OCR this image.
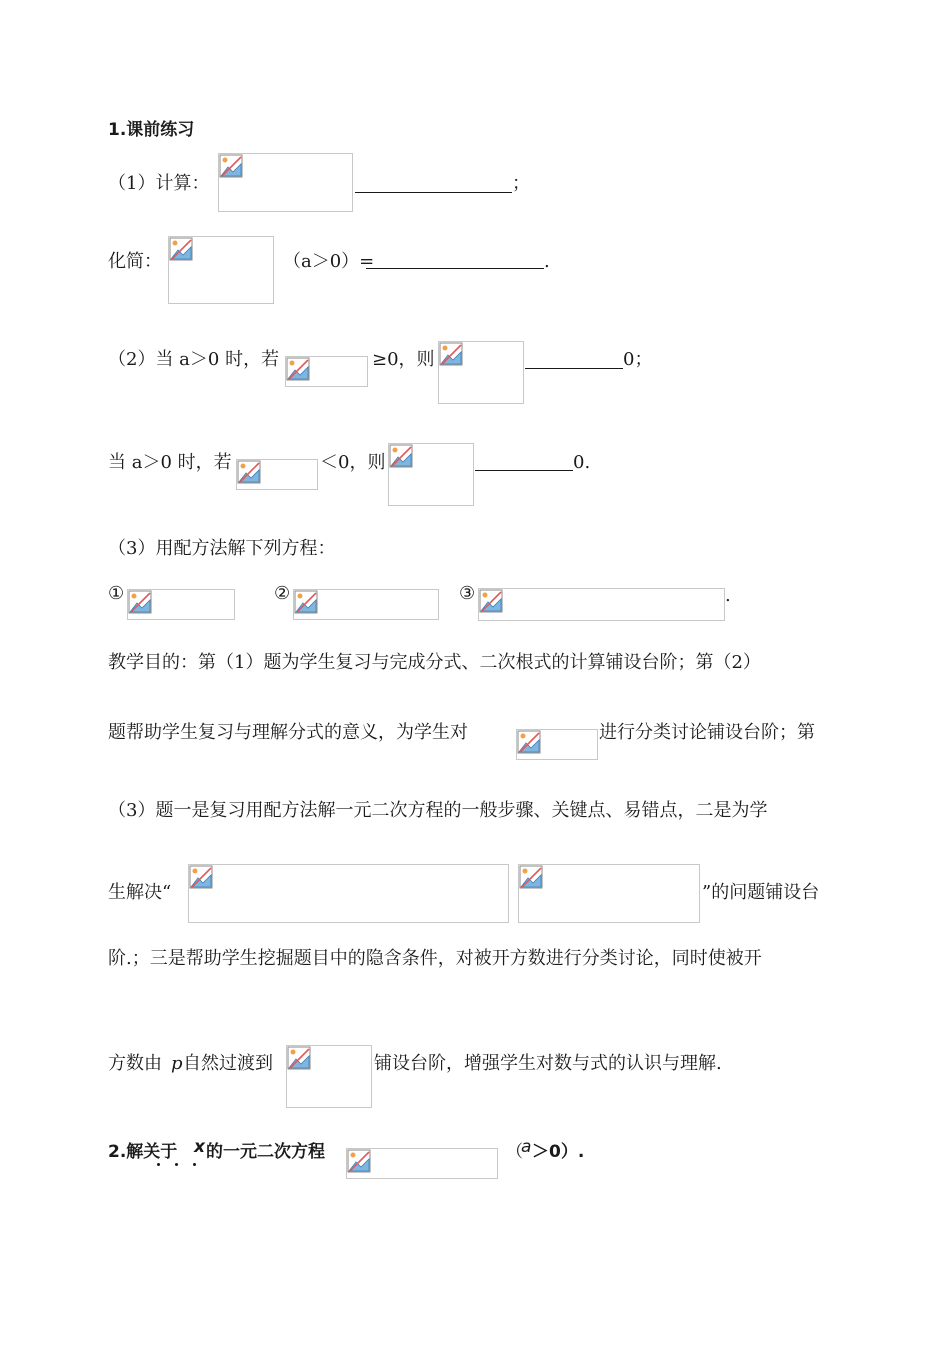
1.课前练习
（1）计算：	；
化简：	（a＞0）=	.
（2）当 a＞0 时，若	≥0，则	0；
当 a＞0 时，若	＜0，则	0.
（3）用配方法解下列方程：
①	②	③	.
教学目的：第（1）题为学生复习与完成分式、二次根式的计算铺设台阶；第（2）
题帮助学生复习与理解分式的意义，为学生对	进行分类讨论铺设台阶；第
（3）题一是复习用配方法解一元二次方程的一般步骤、关键点、易错点，二是为学
生解决“	”的问题铺设台
阶.；三是帮助学生挖掘题目中的隐含条件，对被开方数进行分类讨论，同时使被开
方数由 p 自然过渡到	铺设台阶，增强学生对数与式的认识与理解.
2.解关于 x 的一元二次方程	（
a ＞0）.
